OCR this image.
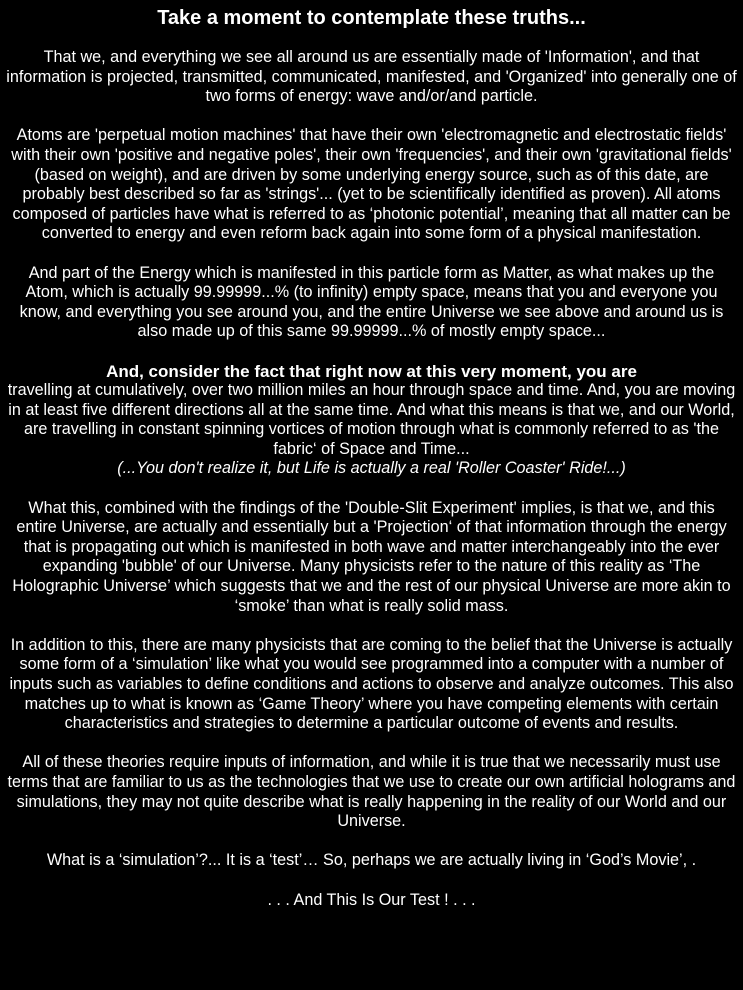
Take a moment to contemplate these truths...
That we, and everything we see all around us are essentially made of 'Information', and that information is projected, transmitted, communicated, manifested, and 'Organized' into generally one of two forms of energy: wave and/or/and particle.
Atoms are 'perpetual motion machines' that have their own 'electromagnetic and electrostatic fields' with their own 'positive and negative poles', their own 'frequencies', and their own 'gravitational fields' (based on weight), and are driven by some underlying energy source, such as of this date, are probably best described so far as 'strings'... (yet to be scientifically identified as proven). All atoms composed of particles have what is referred to as ‘photonic potential’, meaning that all matter can be converted to energy and even reform back again into some form of a physical manifestation.
And part of the Energy which is manifested in this particle form as Matter, as what makes up the Atom, which is actually 99.99999...% (to infinity) empty space, means that you and everyone you know, and everything you see around you, and the entire Universe we see above and around us is also made up of this same 99.99999...% of mostly empty space...
And, consider the fact that right now at this very moment, you are
travelling at cumulatively, over two million miles an hour through space and time. And, you are moving in at least five different directions all at the same time. And what this means is that we, and our World, are travelling in constant spinning vortices of motion through what is commonly referred to as 'the fabric‘ of Space and Time...
(...You don't realize it, but Life is actually a real 'Roller Coaster' Ride!...)
What this, combined with the findings of the 'Double-Slit Experiment' implies, is that we, and this entire Universe, are actually and essentially but a 'Projection‘ of that information through the energy that is propagating out which is manifested in both wave and matter interchangeably into the ever expanding 'bubble' of our Universe. Many physicists refer to the nature of this reality as ‘The Holographic Universe’ which suggests that we and the rest of our physical Universe are more akin to ‘smoke’ than what is really solid mass.
In addition to this, there are many physicists that are coming to the belief that the Universe is actually some form of a ‘simulation’ like what you would see programmed into a computer with a number of inputs such as variables to define conditions and actions to observe and analyze outcomes. This also matches up to what is known as ‘Game Theory’ where you have competing elements with certain characteristics and strategies to determine a particular outcome of events and results.
All of these theories require inputs of information, and while it is true that we necessarily must use terms that are familiar to us as the technologies that we use to create our own artificial holograms and simulations, they may not quite describe what is really happening in the reality of our World and our Universe.
What is a ‘simulation’?... It is a ‘test’… So, perhaps we are actually living in ‘God’s Movie’, .
. . . And This Is Our Test ! . . .
